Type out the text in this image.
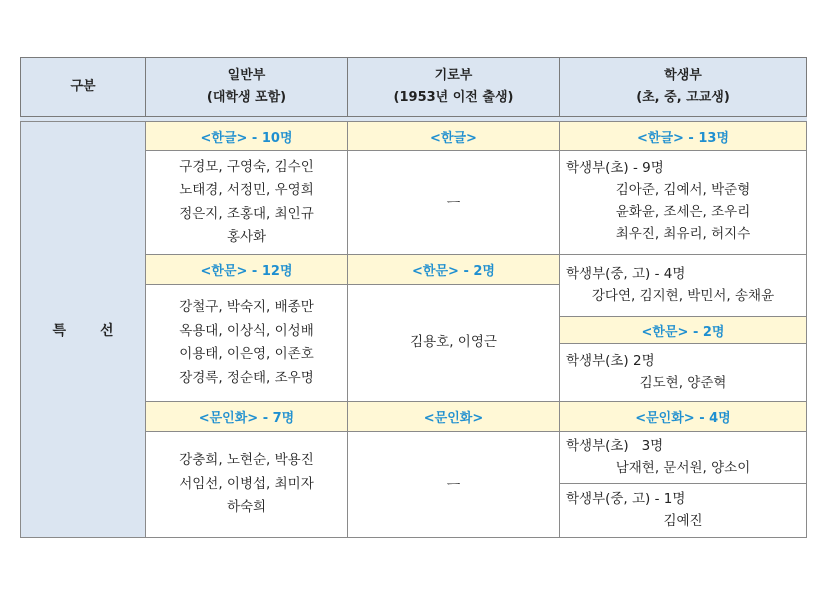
구분
일반부
(대학생 포함)
기로부
(1953년 이전 출생)
학생부
(초, 중, 고교생)
특 선
<한글> - 10명
구경모, 구영숙, 김수인
노태경, 서정민, 우영희
정은지, 조홍대, 최인규
홍사화
<한문> - 12명
강철구, 박숙지, 배종만
옥용대, 이상식, 이성배
이용태, 이은영, 이존호
장경록, 정순태, 조우명
<문인화> - 7명
강충희, 노현순, 박용진
서임선, 이병섭, 최미자
하숙희
<한글>
ㅡ
<한문> - 2명
김용호, 이영근
<문인화>
ㅡ
<한글> - 13명
학생부(초) - 9명
김아준, 김예서, 박준형
윤화윤, 조세은, 조우리
최우진, 최유리, 허지수
학생부(중, 고) - 4명
강다연, 김지현, 박민서, 송채윤
<한문> - 2명
학생부(초) 2명
김도현, 양준혁
<문인화> - 4명
학생부(초)   3명
남재현, 문서원, 양소이
학생부(중, 고) - 1명
김예진
